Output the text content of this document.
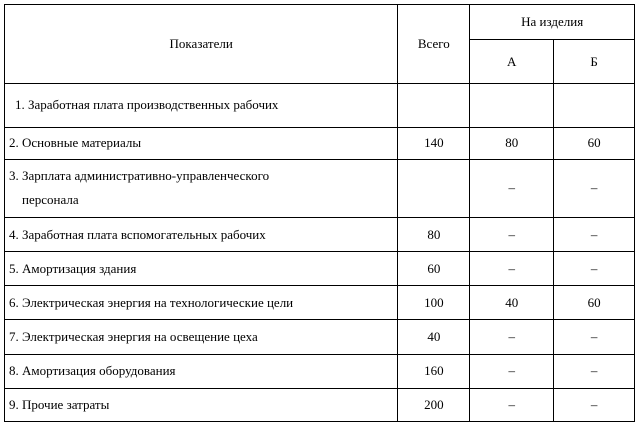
Показатели	Всего	На изделия	
		А	Б
1. Заработная плата производственных рабочих			
2. Основные материалы	140	80	60

3. Зарплата административно-управленческого
персонала		–	–
4. Заработная плата вспомогательных рабочих	80	–	–
5. Амортизация здания	60	–	–
6. Электрическая энергия на технологические цели	100	40	60
7. Электрическая энергия на освещение цеха	40	–	–
8. Амортизация оборудования	160	–	–
9. Прочие затраты	200	–	–
